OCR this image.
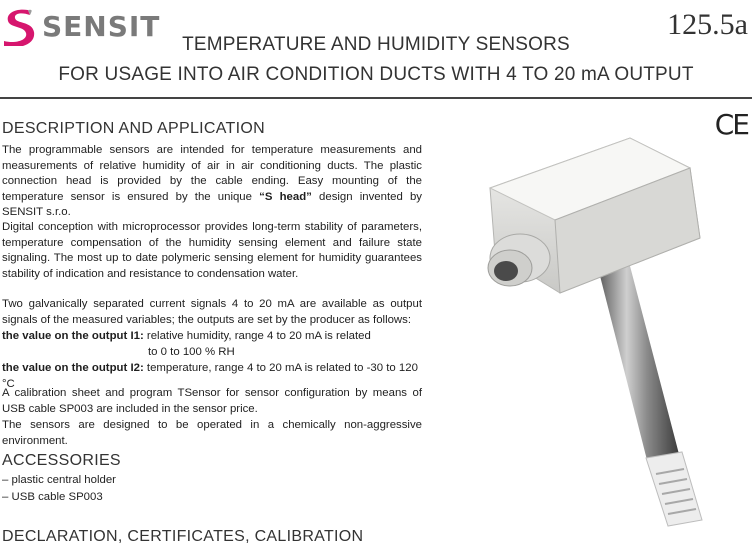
SENSIT	125.5a
TEMPERATURE AND HUMIDITY SENSORS
FOR USAGE INTO AIR CONDITION DUCTS WITH 4 TO 20 mA OUTPUT
CE
DESCRIPTION AND APPLICATION

The programmable sensors are intended for temperature measurements and measurements of relative humidity of air in air conditioning ducts. The plastic connection head is provided by the cable ending. Easy mounting of the temperature sensor is ensured by the unique “S head” design invented by SENSIT s.r.o.

Digital conception with microprocessor provides long-term stability of parameters, temperature compensation of the humidity sensing element and failure state signaling. The most up to date polymeric sensing element for humidity guarantees stability of indication and resistance to condensation water.

Two galvanically separated current signals 4 to 20 mA are available as output signals of the measured variables; the outputs are set by the producer as follows:

the value on the output I1: relative humidity, range 4 to 20 mA is related
to 0 to 100 % RH
the value on the output I2: temperature, range 4 to 20 mA is related to -30 to 120 °C

A calibration sheet and program TSensor for sensor configuration by means of USB cable SP003 are included in the sensor price.

The sensors are designed to be operated in a chemically non-aggressive environment.

ACCESSORIES
– plastic central holder
– USB cable SP003
DECLARATION, CERTIFICATES, CALIBRATION
